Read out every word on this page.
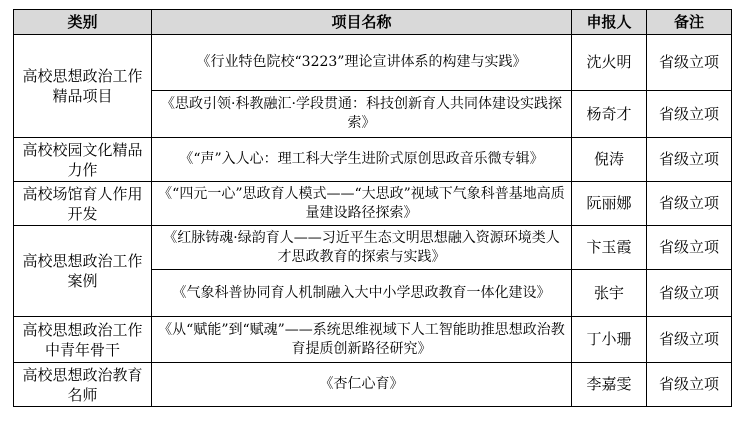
类别	项目名称	申报人	备注
高校思想政治工作精品项目	《行业特色院校“3223”理论宣讲体系的构建与实践》	沈火明	省级立项
	《思政引领·科教融汇·学段贯通：科技创新育人共同体建设实践探索》	杨奇才	省级立项
高校校园文化精品力作	《“声”入人心：理工科大学生进阶式原创思政音乐微专辑》	倪涛	省级立项
高校场馆育人作用开发	《“四元一心”思政育人模式——“大思政”视域下气象科普基地高质量建设路径探索》	阮丽娜	省级立项
高校思想政治工作案例	《红脉铸魂·绿韵育人——习近平生态文明思想融入资源环境类人才思政教育的探索与实践》	卞玉霞	省级立项
	《气象科普协同育人机制融入大中小学思政教育一体化建设》	张宇	省级立项
高校思想政治工作中青年骨干	《从“赋能”到“赋魂”——系统思维视域下人工智能助推思想政治教育提质创新路径研究》	丁小珊	省级立项
高校思想政治教育名师	《杏仁心育》	李嘉雯	省级立项
